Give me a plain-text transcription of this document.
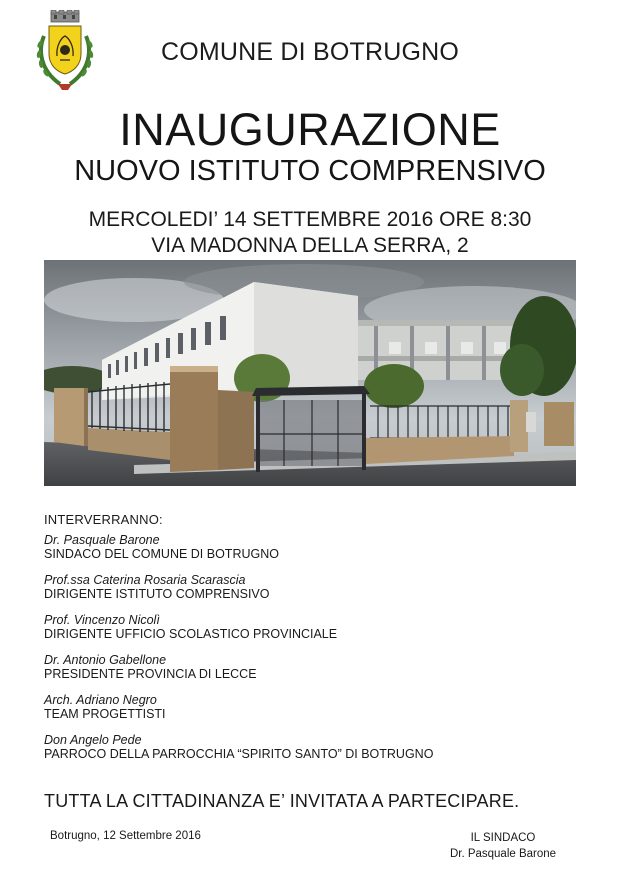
COMUNE DI BOTRUGNO
INAUGURAZIONE
NUOVO ISTITUTO COMPRENSIVO
MERCOLEDI’ 14 SETTEMBRE 2016 ORE 8:30
VIA MADONNA DELLA SERRA, 2
INTERVERRANNO:
Dr. Pasquale Barone
SINDACO DEL COMUNE DI BOTRUGNO
Prof.ssa Caterina Rosaria Scarascia
DIRIGENTE ISTITUTO COMPRENSIVO
Prof. Vincenzo Nicolì
DIRIGENTE UFFICIO SCOLASTICO PROVINCIALE
Dr. Antonio Gabellone
PRESIDENTE PROVINCIA DI LECCE
Arch. Adriano Negro
TEAM PROGETTISTI
Don Angelo Pede
PARROCO DELLA PARROCCHIA “SPIRITO SANTO” DI BOTRUGNO
TUTTA LA CITTADINANZA E’ INVITATA A PARTECIPARE.
Botrugno, 12 Settembre 2016	IL SINDACO
Dr. Pasquale Barone
